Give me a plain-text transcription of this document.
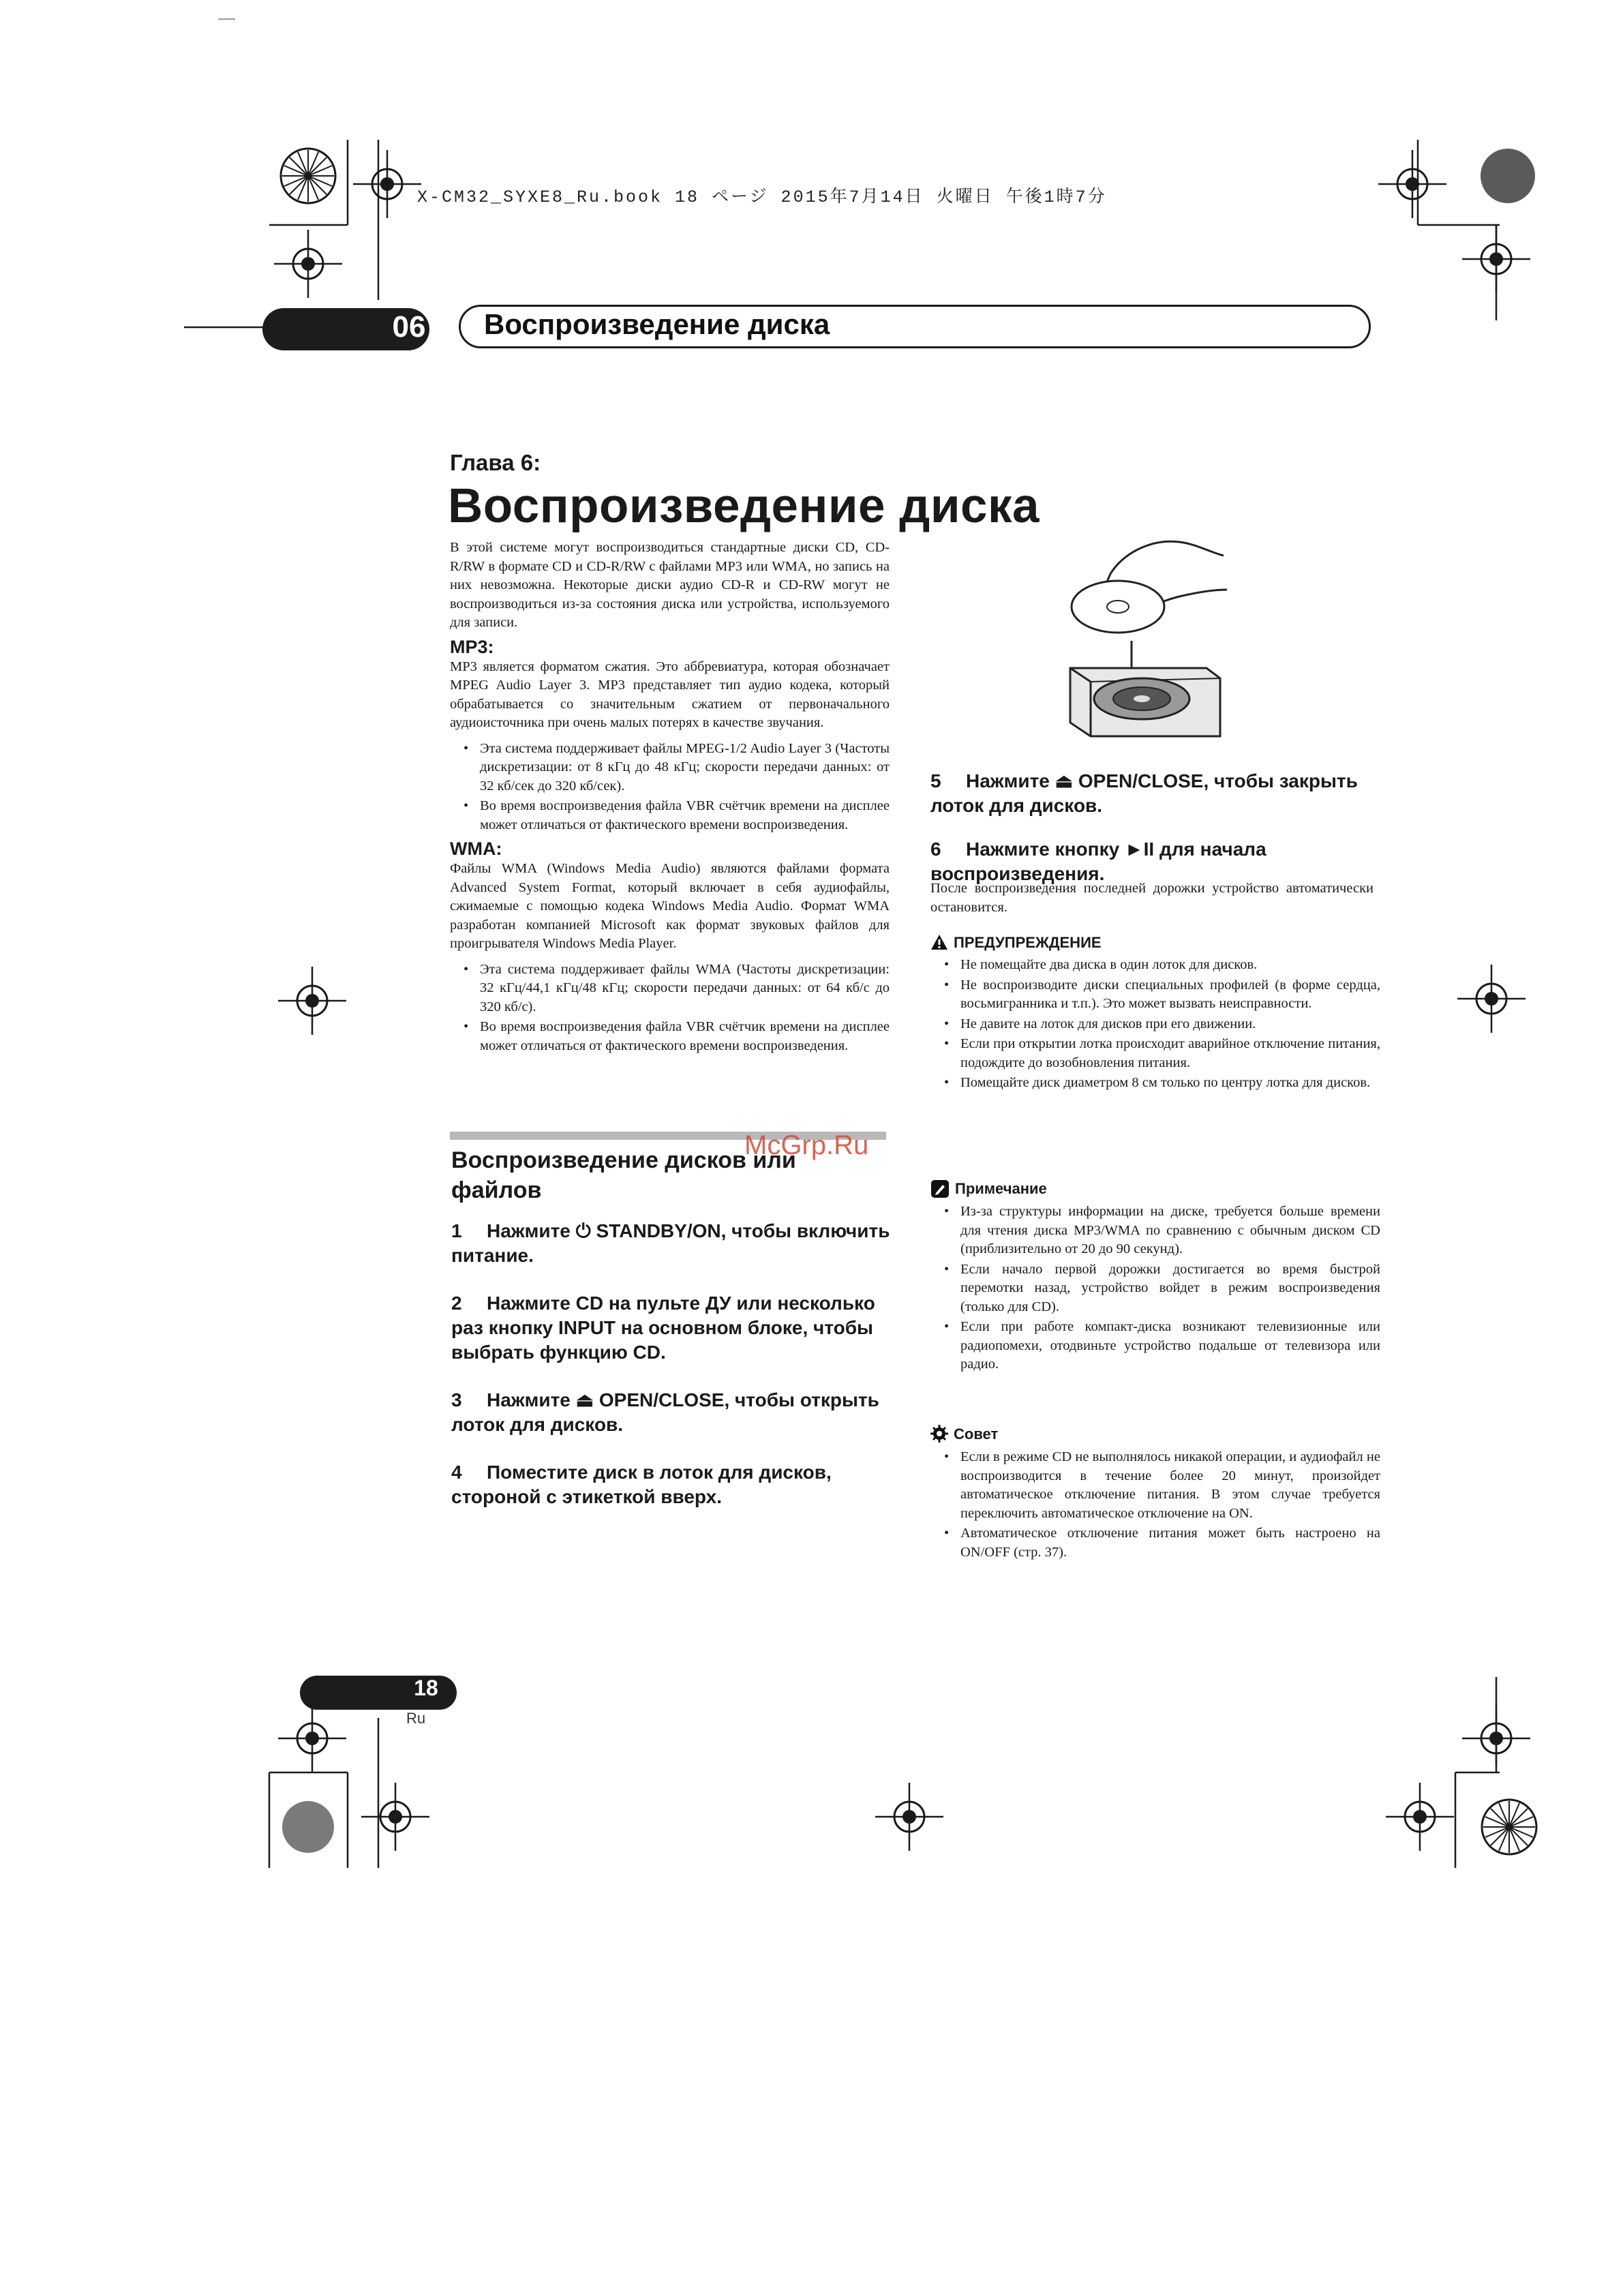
X-CM32_SYXE8_Ru.book 18 ページ 2015年7月14日 火曜日 午後1時7分
06	Воспроизведение диска
Глава 6:
Воспроизведение диска
В этой системе могут воспроизводиться стандартные диски CD, CD-R/RW в формате CD и CD-R/RW с файлами MP3 или WMA, но запись на них невозможна. Некоторые диски аудио CD-R и CD-RW могут не воспроизводиться из-за состояния диска или устройства, используемого для записи.
MP3:
MP3 является форматом сжатия. Это аббревиатура, которая обозначает MPEG Audio Layer 3. MP3 представляет тип аудио кодека, который обрабатывается со значительным сжатием от первоначального аудиоисточника при очень малых потерях в качестве звучания.
• Эта система поддерживает файлы MPEG-1/2 Audio Layer 3 (Частоты дискретизации: от 8 кГц до 48 кГц; скорости передачи данных: от 32 кб/сек до 320 кб/сек).
• Во время воспроизведения файла VBR счётчик времени на дисплее может отличаться от фактического времени воспроизведения.
WMA:
Файлы WMA (Windows Media Audio) являются файлами формата Advanced System Format, который включает в себя аудиофайлы, сжимаемые с помощью кодека Windows Media Audio. Формат WMA разработан компанией Microsoft как формат звуковых файлов для проигрывателя Windows Media Player.
• Эта система поддерживает файлы WMA (Частоты дискретизации: 32 кГц/44,1 кГц/48 кГц; скорости передачи данных: от 64 кб/с до 320 кб/с).
• Во время воспроизведения файла VBR счётчик времени на дисплее может отличаться от фактического времени воспроизведения.
Воспроизведение дисков или файлов
1 Нажмите ⏻ STANDBY/ON, чтобы включить питание.
2 Нажмите CD на пульте ДУ или несколько раз кнопку INPUT на основном блоке, чтобы выбрать функцию CD.
3 Нажмите ⏏ OPEN/CLOSE, чтобы открыть лоток для дисков.
4 Поместите диск в лоток для дисков, стороной с этикеткой вверх.
McGrp.Ru
5 Нажмите ⏏ OPEN/CLOSE, чтобы закрыть лоток для дисков.
6 Нажмите кнопку ►II для начала воспроизведения.
После воспроизведения последней дорожки устройство автоматически остановится.
ПРЕДУПРЕЖДЕНИЕ
• Не помещайте два диска в один лоток для дисков.
• Не воспроизводите диски специальных профилей (в форме сердца, восьмигранника и т.п.). Это может вызвать неисправности.
• Не давите на лоток для дисков при его движении.
• Если при открытии лотка происходит аварийное отключение питания, подождите до возобновления питания.
• Помещайте диск диаметром 8 см только по центру лотка для дисков.
Примечание
• Из-за структуры информации на диске, требуется больше времени для чтения диска MP3/WMA по сравнению с обычным диском CD (приблизительно от 20 до 90 секунд).
• Если начало первой дорожки достигается во время быстрой перемотки назад, устройство войдет в режим воспроизведения (только для CD).
• Если при работе компакт-диска возникают телевизионные или радиопомехи, отодвиньте устройство подальше от телевизора или радио.
Совет
• Если в режиме CD не выполнялось никакой операции, и аудиофайл не воспроизводится в течение более 20 минут, произойдет автоматическое отключение питания. В этом случае требуется переключить автоматическое отключение на ON.
• Автоматическое отключение питания может быть настроено на ON/OFF (стр. 37).
18
Ru
